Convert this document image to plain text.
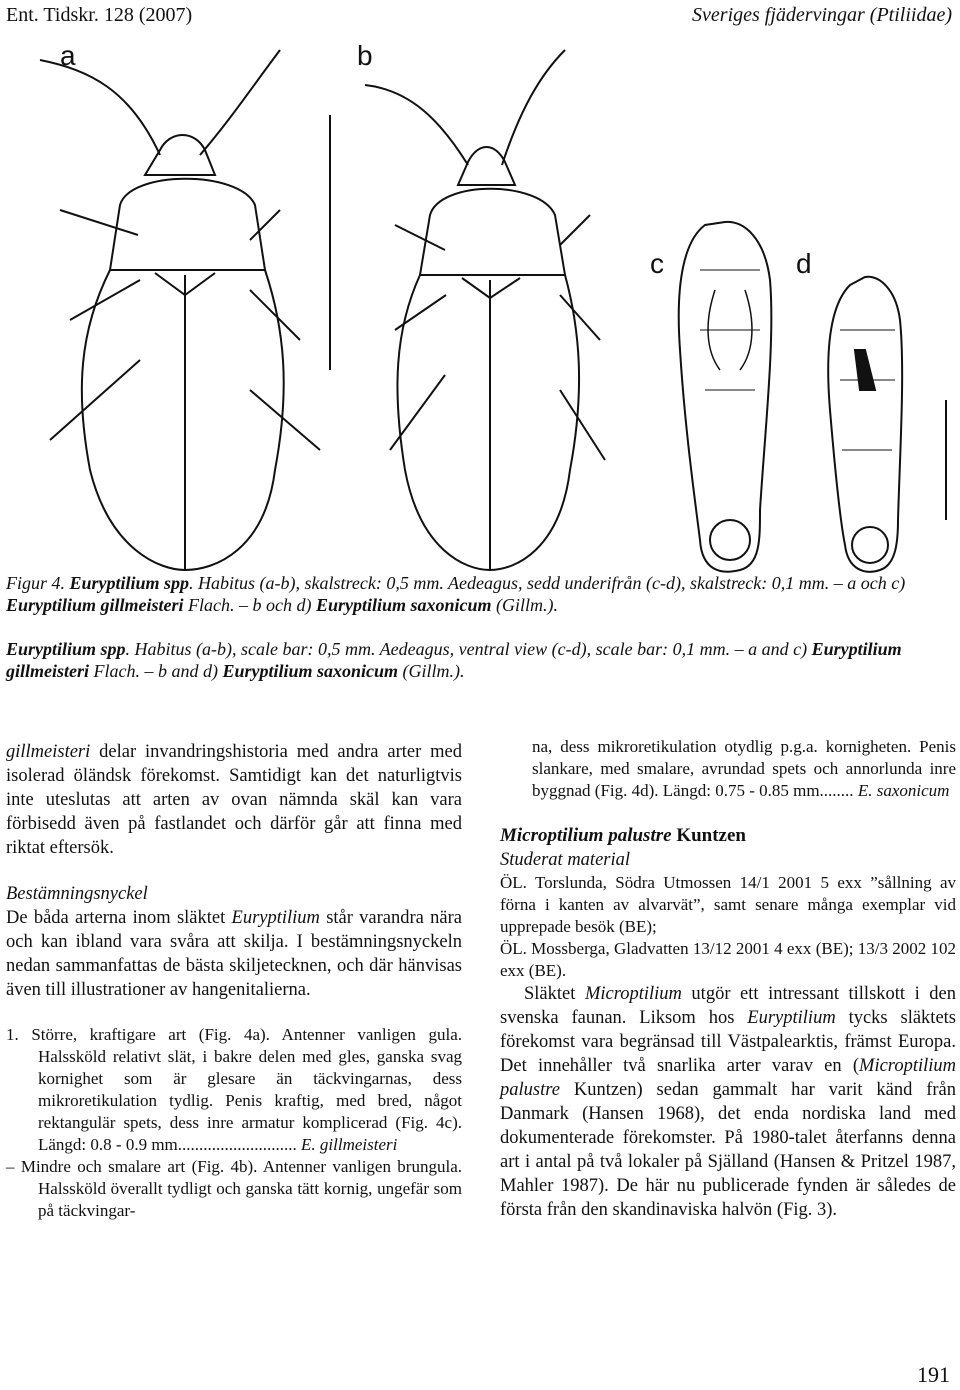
Ent. Tidskr. 128 (2007)	Sveriges fjädervingar (Ptiliidae)
a	b
c	d
Figur 4. Euryptilium spp. Habitus (a-b), skalstreck: 0,5 mm. Aedeagus, sedd underifrån (c-d), skalstreck: 0,1 mm. – a och c) Euryptilium gillmeisteri Flach. – b och d) Euryptilium saxonicum (Gillm.).
Euryptilium spp. Habitus (a-b), scale bar: 0,5 mm. Aedeagus, ventral view (c-d), scale bar: 0,1 mm. – a and c) Euryptilium gillmeisteri Flach. – b and d) Euryptilium saxonicum (Gillm.).

gillmeisteri delar invandringshistoria med andra arter med isolerad öländsk förekomst. Samtidigt kan det naturligtvis inte uteslutas att arten av ovan nämnda skäl kan vara förbisedd även på fastlandet och därför går att finna med riktat eftersök.

Bestämningsnyckel

De båda arterna inom släktet Euryptilium står varandra nära och kan ibland vara svåra att skilja. I bestämningsnyckeln nedan sammanfattas de bästa skiljetecknen, och där hänvisas även till illustrationer av hangenitalierna.

1. Större, kraftigare art (Fig. 4a). Antenner vanligen gula. Halssköld relativt slät, i bakre delen med gles, ganska svag kornighet som är glesare än täckvingarnas, dess mikroretikulation tydlig. Penis kraftig, med bred, något rektangulär spets, dess inre armatur komplicerad (Fig. 4c). Längd: 0.8 - 0.9 mm............................ E. gillmeisteri

– Mindre och smalare art (Fig. 4b). Antenner vanligen brungula. Halssköld överallt tydligt och ganska tätt kornig, ungefär som på täckvingar-

na, dess mikroretikulation otydlig p.g.a. kornigheten. Penis slankare, med smalare, avrundad spets och annorlunda inre byggnad (Fig. 4d). Längd: 0.75 - 0.85 mm........ E. saxonicum

Microptilium palustre Kuntzen

Studerat material

ÖL. Torslunda, Södra Utmossen 14/1 2001 5 exx ”sållning av förna i kanten av alvarvät”, samt senare många exemplar vid upprepade besök (BE);

ÖL. Mossberga, Gladvatten 13/12 2001 4 exx (BE); 13/3 2002 102 exx (BE).

Släktet Microptilium utgör ett intressant tillskott i den svenska faunan. Liksom hos Euryptilium tycks släktets förekomst vara begränsad till Västpalearktis, främst Europa. Det innehåller två snarlika arter varav en (Microptilium palustre Kuntzen) sedan gammalt har varit känd från Danmark (Hansen 1968), det enda nordiska land med dokumenterade förekomster. På 1980-talet återfanns denna art i antal på två lokaler på Själland (Hansen & Pritzel 1987, Mahler 1987). De här nu publicerade fynden är således de första från den skandinaviska halvön (Fig. 3).

191
